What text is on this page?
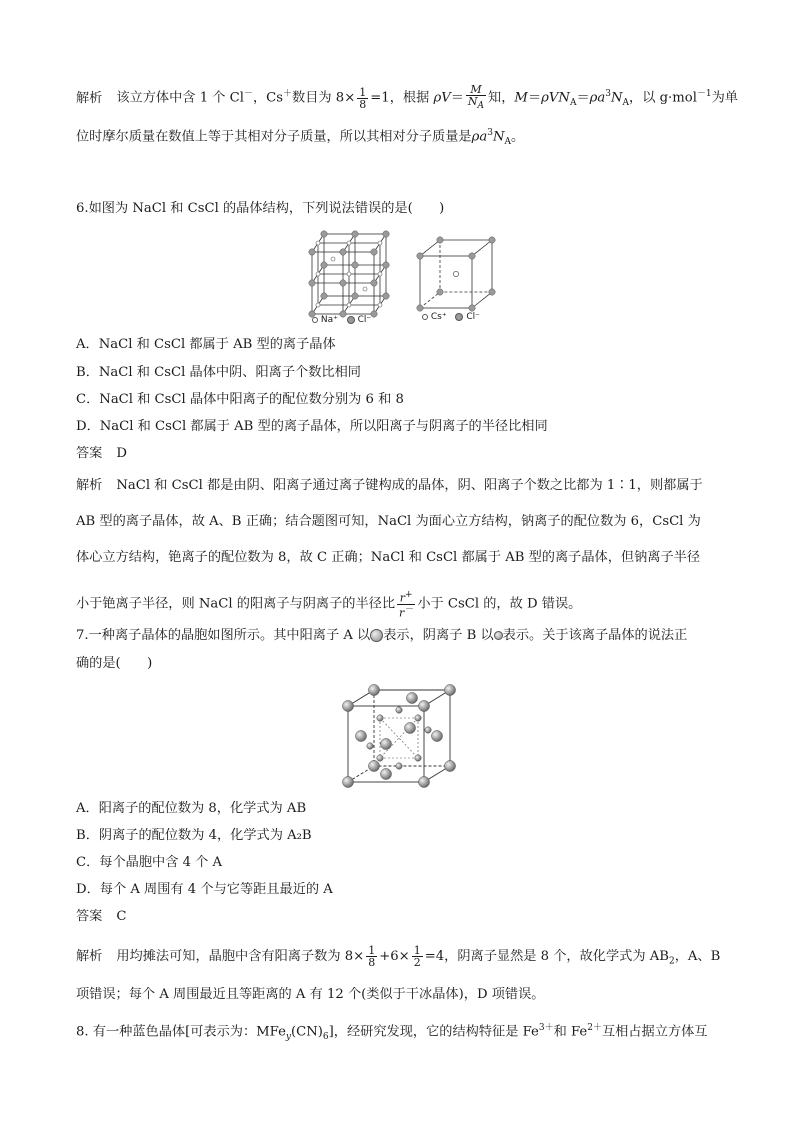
解析 该立方体中含 1 个 Cl－，Cs＋数目为 $8\times \frac{1}{8} =1$，根据 $\rho V= \frac{M}{N_A}$ 知，$M=\rho VN_A=\rho a^3N_A$，以 g·mol$^{-1}$为单
位时摩尔质量在数值上等于其相对分子质量，所以其相对分子质量是$\rho a^3N_A$。
6.如图为 NaCl 和 CsCl 的晶体结构，下列说法错误的是(　　)
Na⁺ Cl⁻	Cs⁺ Cl⁻
A．NaCl 和 CsCl 都属于 AB 型的离子晶体
B．NaCl 和 CsCl 晶体中阴、阳离子个数比相同
C．NaCl 和 CsCl 晶体中阳离子的配位数分别为 6 和 8
D．NaCl 和 CsCl 都属于 AB 型的离子晶体，所以阳离子与阴离子的半径比相同
答案 D
解析 NaCl 和 CsCl 都是由阴、阳离子通过离子键构成的晶体，阴、阳离子个数之比都为 1∶1，则都属于
AB 型的离子晶体，故 A、B 正确；结合题图可知，NaCl 为面心立方结构，钠离子的配位数为 6，CsCl 为
体心立方结构，铯离子的配位数为 8，故 C 正确；NaCl 和 CsCl 都属于 AB 型的离子晶体，但钠离子半径
小于铯离子半径，则 NaCl 的阳离子与阴离子的半径比 $\frac{r^+}{r^-}$ 小于 CsCl 的，故 D 错误。
7.一种离子晶体的晶胞如图所示。其中阳离子 A 以 表示，阴离子 B 以 表示。关于该离子晶体的说法正
确的是(　　)
A．阳离子的配位数为 8，化学式为 AB
B．阴离子的配位数为 4，化学式为 A₂B
C．每个晶胞中含 4 个 A
D．每个 A 周围有 4 个与它等距且最近的 A
答案 C
解析 用均摊法可知，晶胞中含有阳离子数为 $8\times \frac{1}{8} +6\times \frac{1}{2} =4$，阴离子显然是 8 个，故化学式为 $AB_2$，A、B
项错误；每个 A 周围最近且等距离的 A 有 12 个(类似于干冰晶体)，D 项错误。
8. 有一种蓝色晶体[可表示为：$MFe_y(CN)_6$]，经研究发现，它的结构特征是 $Fe^{3+}$和 $Fe^{2+}$互相占据立方体互
